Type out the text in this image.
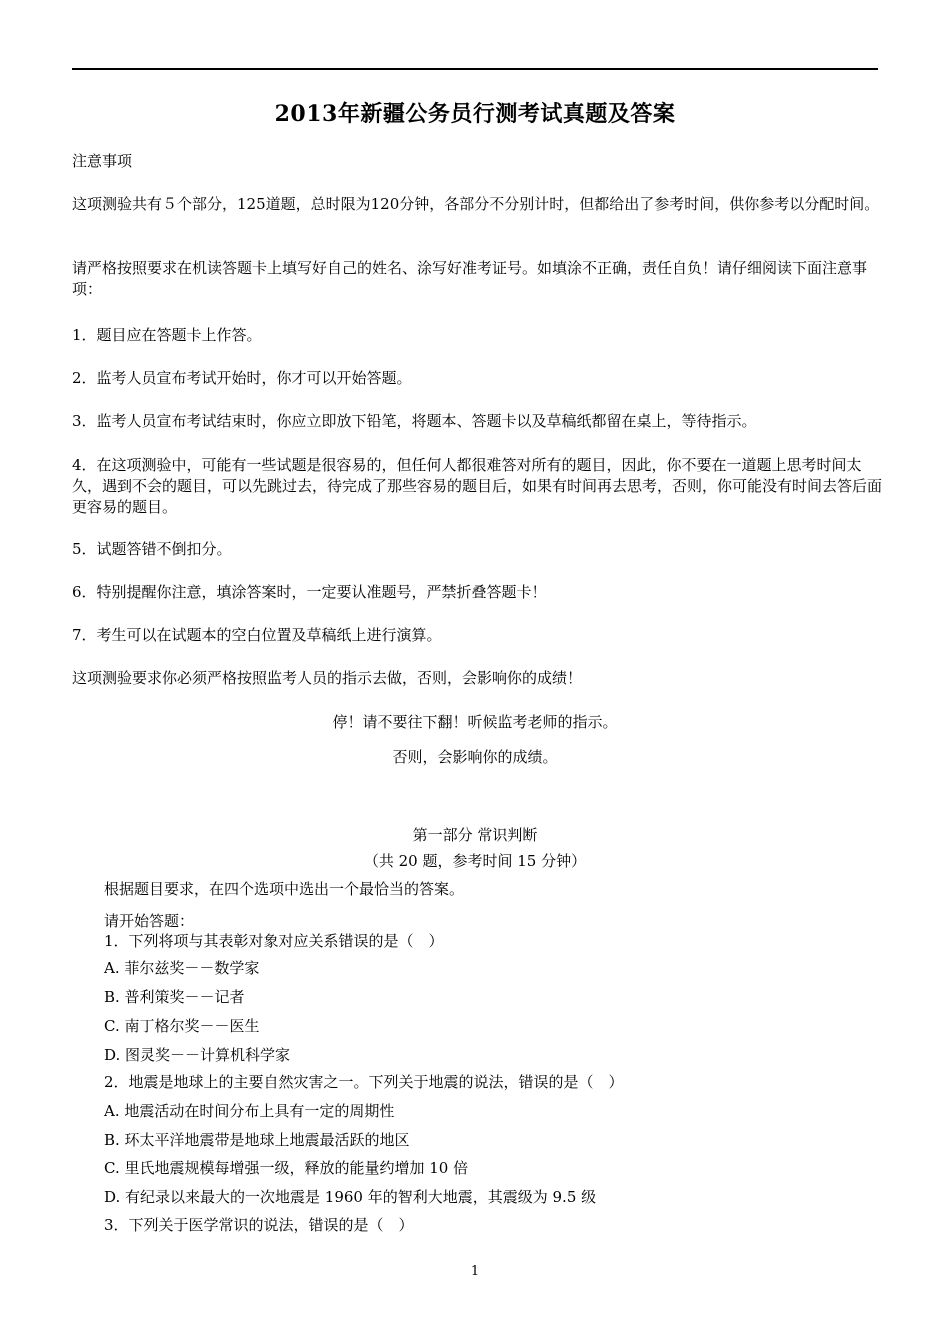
2013年新疆公务员行测考试真题及答案

注意事项

这项测验共有５个部分，125道题，总时限为120分钟，各部分不分别计时，但都给出了参考时间，供你参考以分配时间。

请严格按照要求在机读答题卡上填写好自己的姓名、涂写好准考证号。如填涂不正确，责任自负！请仔细阅读下面注意事项：

1．题目应在答题卡上作答。

2．监考人员宣布考试开始时，你才可以开始答题。

3．监考人员宣布考试结束时，你应立即放下铅笔，将题本、答题卡以及草稿纸都留在桌上，等待指示。

4．在这项测验中，可能有一些试题是很容易的，但任何人都很难答对所有的题目，因此，你不要在一道题上思考时间太久，遇到不会的题目，可以先跳过去，待完成了那些容易的题目后，如果有时间再去思考，否则，你可能没有时间去答后面更容易的题目。

5．试题答错不倒扣分。

6．特别提醒你注意，填涂答案时，一定要认准题号，严禁折叠答题卡！

7．考生可以在试题本的空白位置及草稿纸上进行演算。

这项测验要求你必须严格按照监考人员的指示去做，否则，会影响你的成绩！

停！请不要往下翻！听候监考老师的指示。

否则，会影响你的成绩。

第一部分 常识判断

（共 20 题，参考时间 15 分钟）

根据题目要求，在四个选项中选出一个最恰当的答案。

请开始答题：

1．下列将项与其表彰对象对应关系错误的是（　）

A. 菲尔兹奖－－数学家

B. 普利策奖－－记者

C. 南丁格尔奖－－医生

D. 图灵奖－－计算机科学家

2．地震是地球上的主要自然灾害之一。下列关于地震的说法，错误的是（　）

A. 地震活动在时间分布上具有一定的周期性

B. 环太平洋地震带是地球上地震最活跃的地区

C. 里氏地震规模每增强一级，释放的能量约增加 10 倍

D. 有纪录以来最大的一次地震是 1960 年的智利大地震，其震级为 9.5 级

3．下列关于医学常识的说法，错误的是（　）

1
